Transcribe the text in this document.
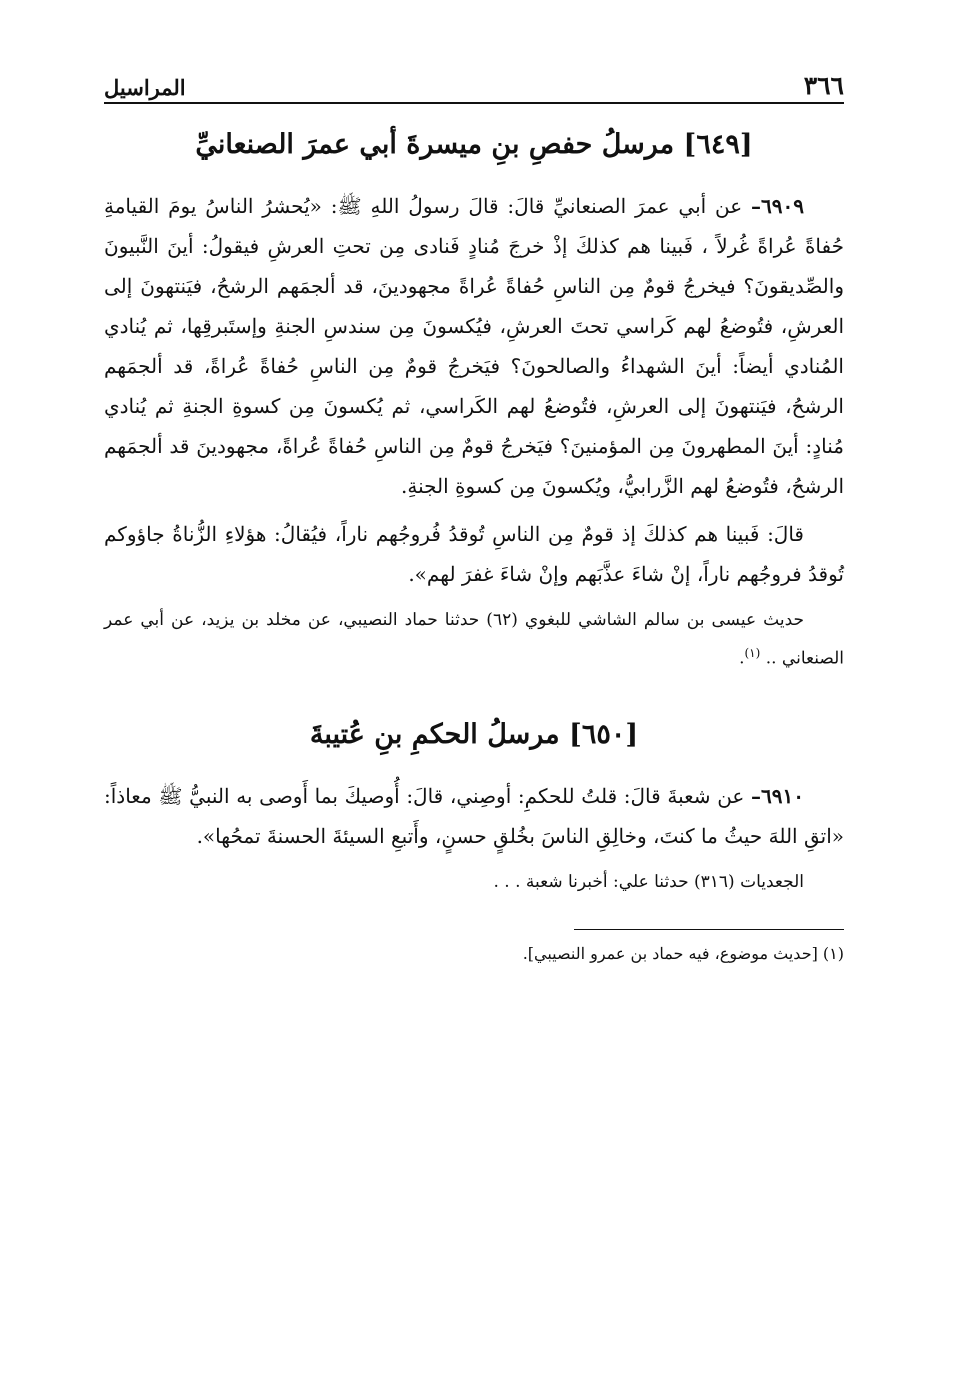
٣٦٦
المراسيل
[٦٤٩] مرسلُ حفصِ بنِ ميسرةَ أبي عمرَ الصنعانيِّ

٦٩٠٩– عن أبي عمرَ الصنعانيِّ قالَ: قالَ رسولُ اللهِ ﷺ: «يُحشرُ الناسُ يومَ القيامةِ حُفاةً عُراةً غُرلاً ، فَبينا هم كذلكَ إذْ خرجَ مُنادٍ فَنادى مِن تحتِ العرشِ فيقولُ: أينَ النَّبيونَ والصِّديقونَ؟ فيخرجُ قومٌ مِن الناسِ حُفاةً عُراةً مجهودينَ، قد ألجمَهم الرشحُ، فيَنتهونَ إلى العرشِ، فتُوضعُ لهم كَراسي تحتَ العرشِ، فيُكسونَ مِن سندسِ الجنةِ وإستَبرقِها، ثم يُنادي المُنادي أيضاً: أينَ الشهداءُ والصالحونَ؟ فيَخرجُ قومٌ مِن الناسِ حُفاةً عُراةً، قد ألجمَهم الرشحُ، فيَنتهونَ إلى العرشِ، فتُوضعُ لهم الكَراسي، ثم يُكسونَ مِن كسوةِ الجنةِ ثم يُنادي مُنادٍ: أينَ المطهرونَ مِن المؤمنينَ؟ فيَخرجُ قومٌ مِن الناسِ حُفاةً عُراةً، مجهودينَ قد ألجمَهم الرشحُ، فتُوضعُ لهم الزَّرابيُّ، ويُكسونَ مِن كسوةِ الجنةِ.

قالَ: فَبينا هم كذلكَ إذ قومٌ مِن الناسِ تُوقدُ فُروجُهم ناراً، فيُقالُ: هؤلاءِ الزُّناةُ جاؤوكم تُوقدُ فروجُهم ناراً، إنْ شاءَ عذَّبَهم وإنْ شاءَ غفرَ لهم».

حديث عيسى بن سالم الشاشي للبغوي (٦٢) حدثنا حماد النصيبي، عن مخلد بن يزيد، عن أبي عمر الصنعاني .. $^{(١)}$.

[٦٥٠] مرسلُ الحكمِ بنِ عُتيبةَ

٦٩١٠– عن شعبةَ قالَ: قلتُ للحكمِ: أوصِني، قالَ: أُوصيكَ بما أَوصى به النبيُّ ﷺ معاذاً: «اتقِ اللهَ حيثُ ما كنتَ، وخالِقِ الناسَ بخُلقٍ حسنٍ، وأَتبعِ السيئةَ الحسنةَ تمحُها».

الجعديات (٣١٦) حدثنا علي: أخبرنا شعبة . . .

(١) [حديث موضوع، فيه حماد بن عمرو النصيبي].
